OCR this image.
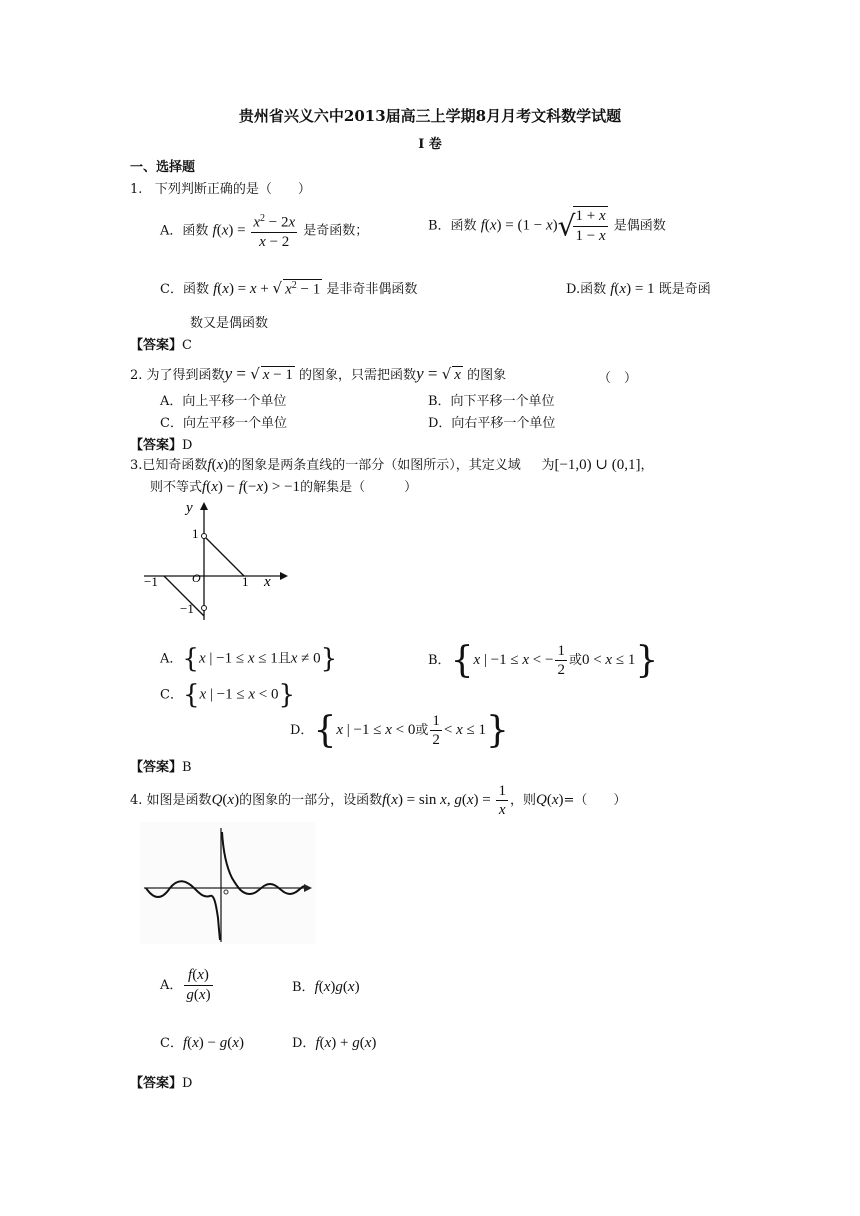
贵州省兴义六中2013届高三上学期8月月考文科数学试题
I 卷
一、选择题
1. 下列判断正确的是（　　）
A．函数 $f(x) = \frac{x^2 - 2x}{x - 2}$ 是奇函数；	B．函数 f(x) = (1 − x)√
$\frac{1 + x}{1 - x}$ 是偶函数
C．函数 f(x) = x + √ $x^2 - 1$ 是非奇非偶函数	D.函数 f(x) = 1 既是奇函
数又是偶函数
【答案】C
2. 为了得到函数y = √ x − 1 的图象，只需把函数y = √ x 的图象	（　）
A．向上平移一个单位	B．向下平移一个单位
C．向左平移一个单位	D．向右平移一个单位
【答案】D
3.已知奇函数f(x)的图象是两条直线的一部分（如图所示），其定义域 为[−1,0) ∪ (0,1]，
则不等式f(x) − f(−x) > −1的解集是（　　　）
y
1
−1	O	1 x
−1
A．{x | −1 ≤ x ≤ 1且x ≠ 0}	B．{x | −1 ≤ x < − $\frac{1}{2}$ 或0 < x ≤ 1}
C．{x | −1 ≤ x < 0}
D．{x | −1 ≤ x < 0或 $\frac{1}{2} < x \le 1$}
【答案】B
4. 如图是函数Q(x)的图象的一部分，设函数f(x) = sin x, $g(x) = \frac{1}{x}$ ，则Q(x)=（　　）
A． $\frac{f(x)}{g(x)}$	B．f(x)g(x)
C．f(x) − g(x)	D．f(x) + g(x)
【答案】D
